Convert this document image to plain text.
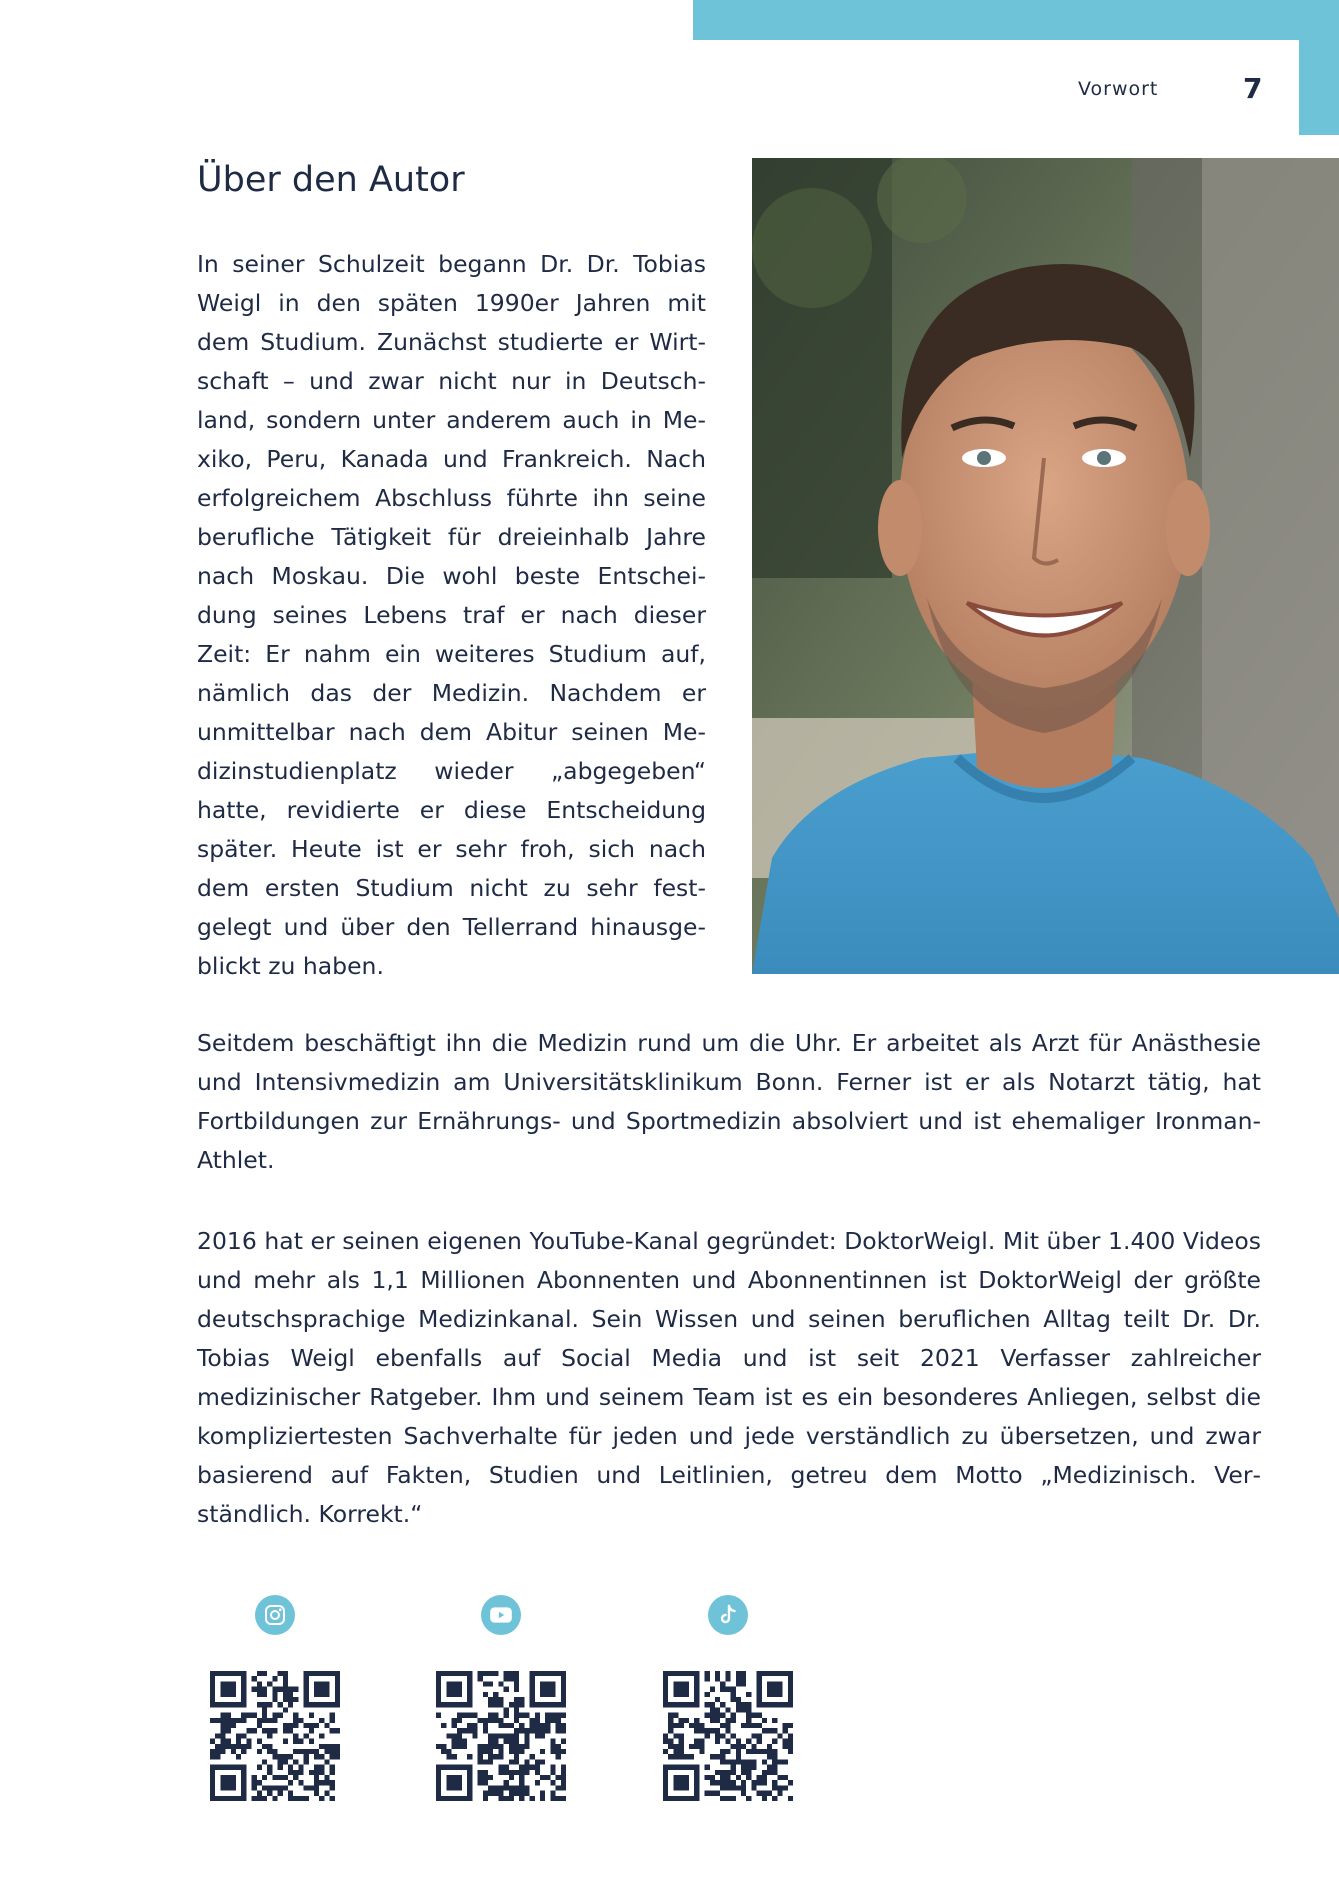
Vorwort	7
Über den Autor

In seiner Schulzeit begann Dr. Dr. Tobias Weigl in den späten 1990er Jahren mit dem Studium. Zunächst studierte er Wirtschaft – und zwar nicht nur in Deutschland, sondern unter anderem auch in Mexiko, Peru, Kanada und Frankreich. Nach erfolgreichem Abschluss führte ihn seine berufliche Tätigkeit für dreieinhalb Jahre nach Moskau. Die wohl beste Entscheidung seines Lebens traf er nach dieser Zeit: Er nahm ein weiteres Studium auf, nämlich das der Medizin. Nachdem er unmittelbar nach dem Abitur seinen Medizinstudienplatz wieder „abgegeben“ hatte, revidierte er diese Entscheidung später. Heute ist er sehr froh, sich nach dem ersten Studium nicht zu sehr festgelegt und über den Tellerrand hinausgeblickt zu haben.

Seitdem beschäftigt ihn die Medizin rund um die Uhr. Er arbeitet als Arzt für Anästhesie und Intensivmedizin am Universitätsklinikum Bonn. Ferner ist er als Notarzt tätig, hat Fortbildungen zur Ernährungs- und Sportmedizin absolviert und ist ehemaliger Ironman-Athlet.

2016 hat er seinen eigenen YouTube-Kanal gegründet: DoktorWeigl. Mit über 1.400 Videos und mehr als 1,1 Millionen Abonnenten und Abonnentinnen ist DoktorWeigl der größte deutschsprachige Medizinkanal. Sein Wissen und seinen beruflichen Alltag teilt Dr. Dr. Tobias Weigl ebenfalls auf Social Media und ist seit 2021 Verfasser zahlreicher medizinischer Ratgeber. Ihm und seinem Team ist es ein besonderes Anliegen, selbst die kompliziertesten Sachverhalte für jeden und jede verständlich zu übersetzen, und zwar basierend auf Fakten, Studien und Leitlinien, getreu dem Motto „Medizinisch. Verständlich. Korrekt.“
